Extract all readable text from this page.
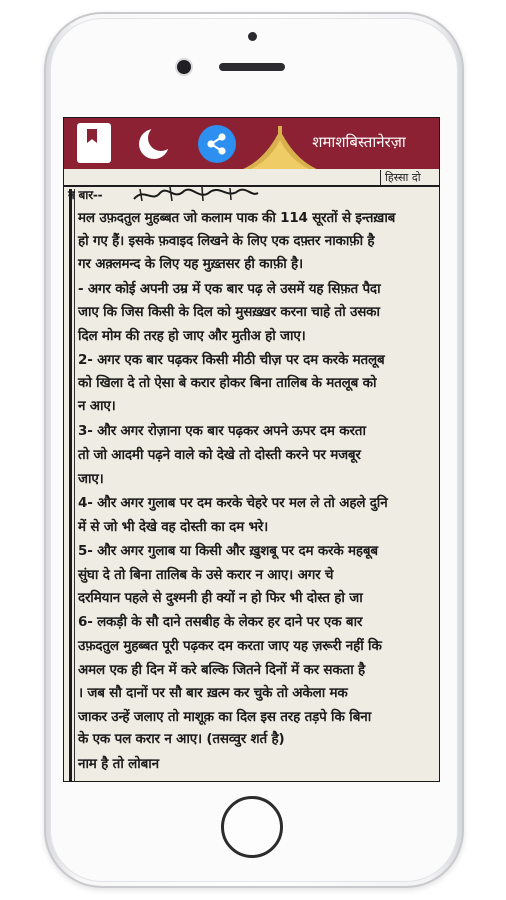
शमाशबिस्तानेरज़ा
हिस्सा दो
न बार--
मल उफ़दतुल मुहब्बत जो कलाम पाक की 114 सूरतों से इन्तख़ाब
हो गए हैं। इसके फ़वाइद लिखने के लिए एक दफ़्तर नाकाफ़ी है
गर अक़्लमन्द के लिए यह मुख़्तसर ही काफ़ी है।
- अगर कोई अपनी उम्र में एक बार पढ़ ले उसमें यह सिफ़त पैदा
जाए कि जिस किसी के दिल को मुसख़्ख़र करना चाहे तो उसका
दिल मोम की तरह हो जाए और मुतीअ हो जाए।
2- अगर एक बार पढ़कर किसी मीठी चीज़ पर दम करके मतलूब
को खिला दे तो ऐसा बे करार होकर बिना तालिब के मतलूब को
न आए।
3- और अगर रोज़ाना एक बार पढ़कर अपने ऊपर दम करता
तो जो आदमी पढ़ने वाले को देखे तो दोस्ती करने पर मजबूर
जाए।
4- और अगर गुलाब पर दम करके चेहरे पर मल ले तो अहले दुनि
में से जो भी देखे वह दोस्ती का दम भरे।
5- और अगर गुलाब या किसी और ख़ुशबू पर दम करके महबूब
सुंघा दे तो बिना तालिब के उसे करार न आए। अगर चे
दरमियान पहले से दुश्मनी ही क्यों न हो फिर भी दोस्त हो जा
6- लकड़ी के सौ दाने तसबीह के लेकर हर दाने पर एक बार
उफ़दतुल मुहब्बत पूरी पढ़कर दम करता जाए यह ज़रूरी नहीं कि
अमल एक ही दिन में करे बल्कि जितने दिनों में कर सकता है
। जब सौ दानों पर सौ बार ख़त्म कर चुके तो अकेला मक
जाकर उन्हें जलाए तो माशूक़ का दिल इस तरह तड़पे कि बिना
के एक पल करार न आए। (तसव्वुर शर्त है)
नाम है तो लोबान
